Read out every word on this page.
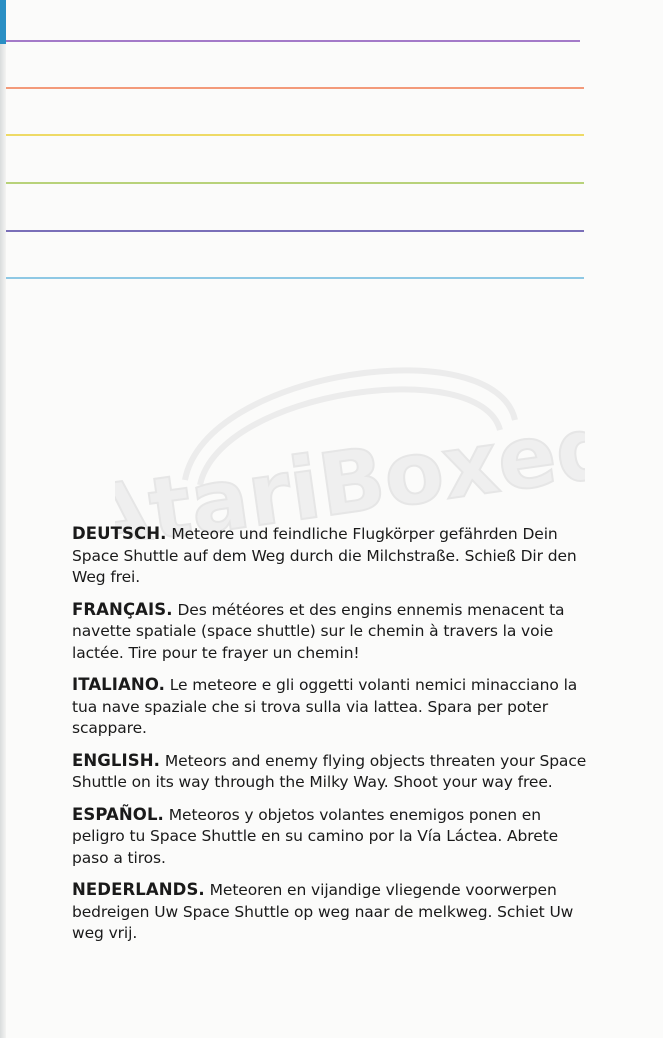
AtariBoxed

DEUTSCH. Meteore und feindliche Flugkörper gefährden Dein Space Shuttle auf dem Weg durch die Milchstraße. Schieß Dir den Weg frei.

FRANÇAIS. Des météores et des engins ennemis menacent ta navette spatiale (space shuttle) sur le chemin à travers la voie lactée. Tire pour te frayer un chemin!

ITALIANO. Le meteore e gli oggetti volanti nemici minacciano la tua nave spaziale che si trova sulla via lattea. Spara per poter scappare.

ENGLISH. Meteors and enemy flying objects threaten your Space Shuttle on its way through the Milky Way. Shoot your way free.

ESPAÑOL. Meteoros y objetos volantes enemigos ponen en peligro tu Space Shuttle en su camino por la Vía Láctea. Abrete paso a tiros.

NEDERLANDS. Meteoren en vijandige vliegende voorwerpen bedreigen Uw Space Shuttle op weg naar de melkweg. Schiet Uw weg vrij.
